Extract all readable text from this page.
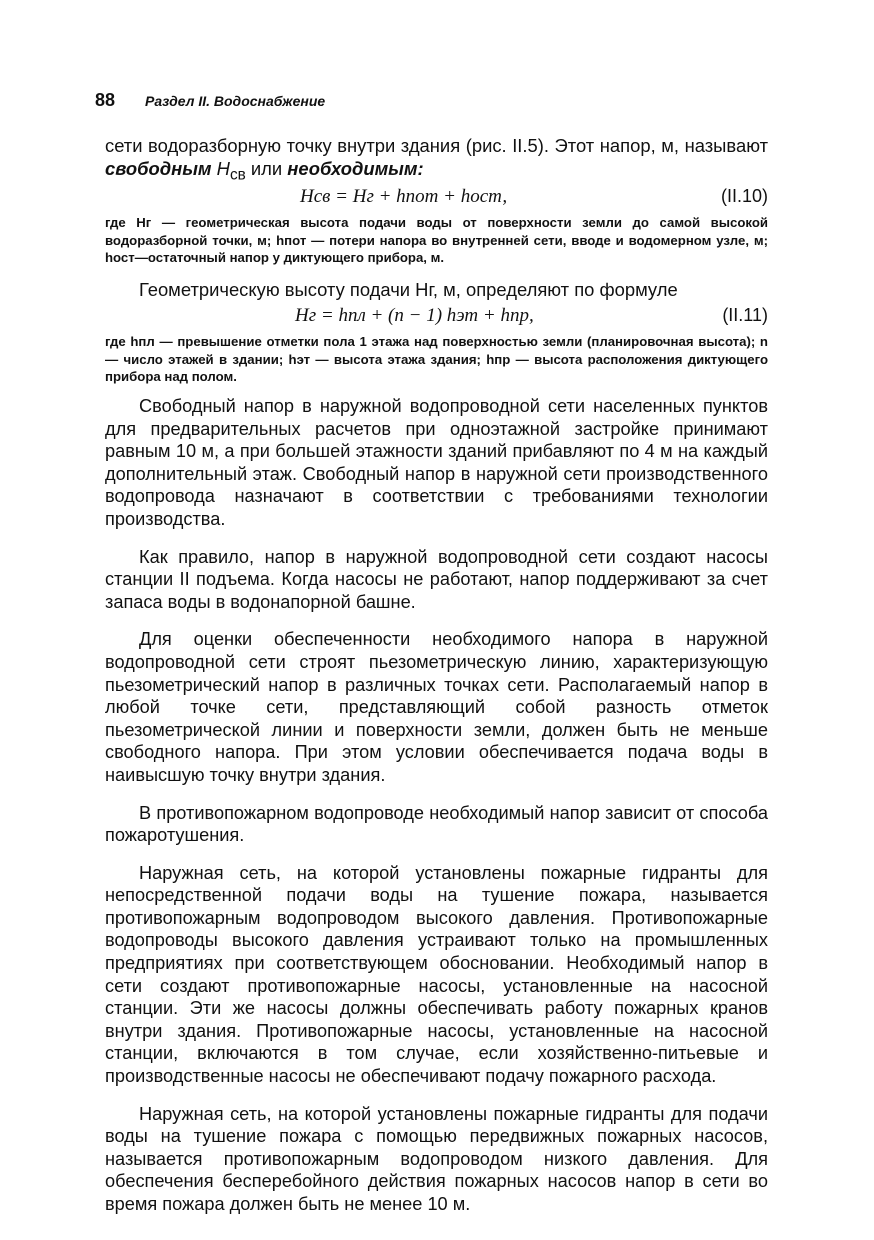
88 Раздел II. Водоснабжение

сети водоразборную точку внутри здания (рис. II.5). Этот напор, м, называют свободным $H_{св}$ или необходимым:

Hсв = Hг + hпот + hост,	(II.10)

где Hг — геометрическая высота подачи воды от поверхности земли до самой высокой водоразборной точки, м; hпот — потери напора во внутренней сети, вводе и водомерном узле, м; hост—остаточный напор у диктующего прибора, м.

Геометрическую высоту подачи Hг, м, определяют по формуле

Hг = hпл + (n − 1) hэт + hпр,	(II.11)

где hпл — превышение отметки пола 1 этажа над поверхностью земли (планировочная высота); n — число этажей в здании; hэт — высота этажа здания; hпр — высота расположения диктующего прибора над полом.

Свободный напор в наружной водопроводной сети населенных пунктов для предварительных расчетов при одноэтажной застройке принимают равным 10 м, а при большей этажности зданий прибавляют по 4 м на каждый дополнительный этаж. Свободный напор в наружной сети производственного водопровода назначают в соответствии с требованиями технологии производства.

Как правило, напор в наружной водопроводной сети создают насосы станции II подъема. Когда насосы не работают, напор поддерживают за счет запаса воды в водонапорной башне.

Для оценки обеспеченности необходимого напора в наружной водопроводной сети строят пьезометрическую линию, характеризующую пьезометрический напор в различных точках сети. Располагаемый напор в любой точке сети, представляющий собой разность отметок пьезометрической линии и поверхности земли, должен быть не меньше свободного напора. При этом условии обеспечивается подача воды в наивысшую точку внутри здания.

В противопожарном водопроводе необходимый напор зависит от способа пожаротушения.

Наружная сеть, на которой установлены пожарные гидранты для непосредственной подачи воды на тушение пожара, называется противопожарным водопроводом высокого давления. Противопожарные водопроводы высокого давления устраивают только на промышленных предприятиях при соответствующем обосновании. Необходимый напор в сети создают противопожарные насосы, установленные на насосной станции. Эти же насосы должны обеспечивать работу пожарных кранов внутри здания. Противопожарные насосы, установленные на насосной станции, включаются в том случае, если хозяйственно-питьевые и производственные насосы не обеспечивают подачу пожарного расхода.

Наружная сеть, на которой установлены пожарные гидранты для подачи воды на тушение пожара с помощью передвижных пожарных насосов, называется противопожарным водопроводом низкого давления. Для обеспечения бесперебойного действия пожарных насосов напор в сети во время пожара должен быть не менее 10 м.
